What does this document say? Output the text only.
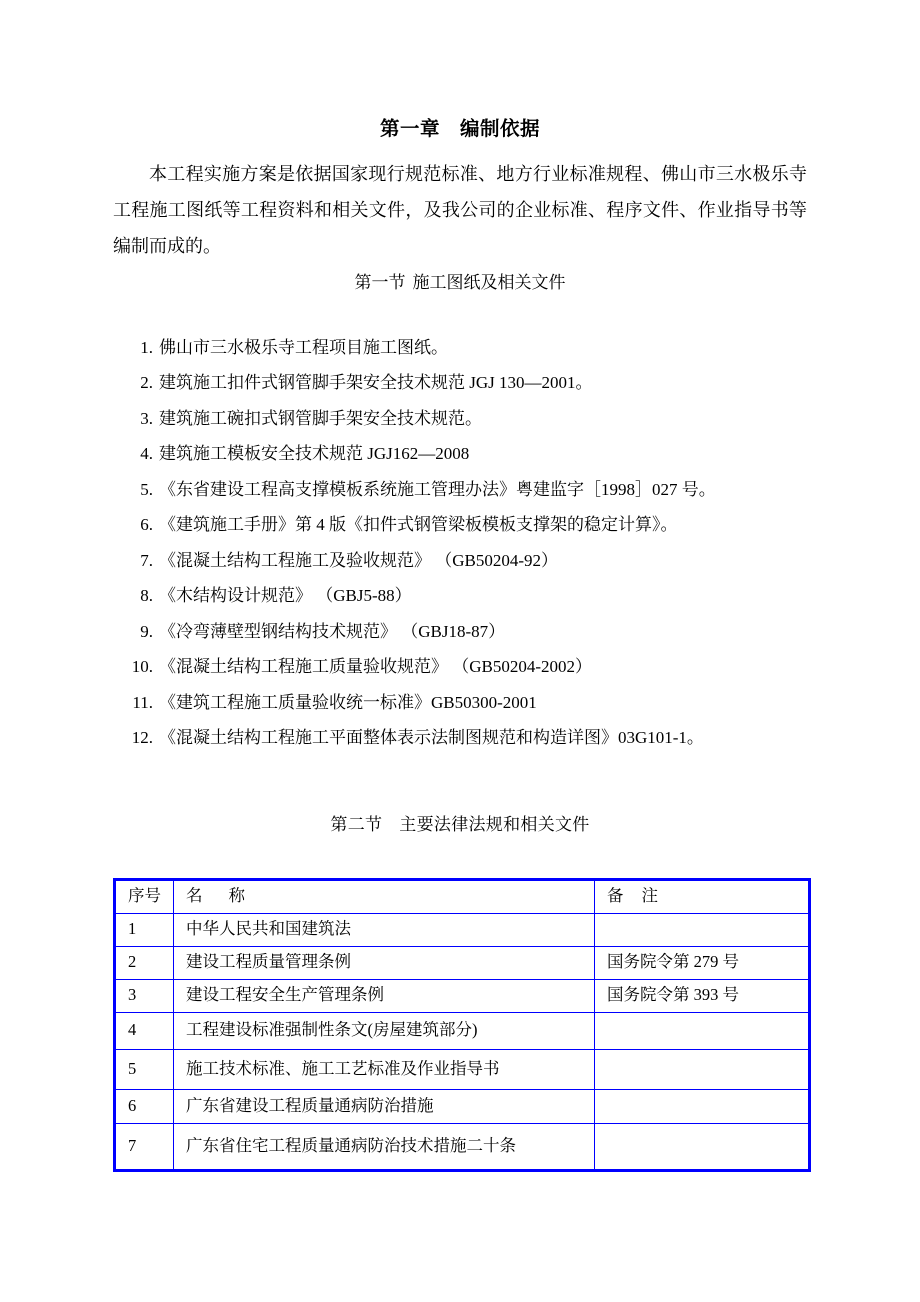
第一章 编制依据

本工程实施方案是依据国家现行规范标准、地方行业标准规程、佛山市三水极乐寺工程施工图纸等工程资料和相关文件，及我公司的企业标准、程序文件、作业指导书等编制而成的。

第一节 施工图纸及相关文件

1. 佛山市三水极乐寺工程项目施工图纸。
2. 建筑施工扣件式钢管脚手架安全技术规范 JGJ 130—2001。
3. 建筑施工碗扣式钢管脚手架安全技术规范。
4. 建筑施工模板安全技术规范 JGJ162—2008
5. 《东省建设工程高支撑模板系统施工管理办法》粤建监字［1998］027 号。
6. 《建筑施工手册》第 4 版《扣件式钢管梁板模板支撑架的稳定计算》。
7. 《混凝土结构工程施工及验收规范》 （GB50204-92）
8. 《木结构设计规范》 （GBJ5-88）
9. 《冷弯薄壁型钢结构技术规范》 （GBJ18-87）
10. 《混凝土结构工程施工质量验收规范》 （GB50204-2002）
11. 《建筑工程施工质量验收统一标准》GB50300-2001
12. 《混凝土结构工程施工平面整体表示法制图规范和构造详图》03G101-1。

第二节 主要法律法规和相关文件

序号	名 称	备 注
1	中华人民共和国建筑法	
2	建设工程质量管理条例	国务院令第 279 号
3	建设工程安全生产管理条例	国务院令第 393 号
4	工程建设标准强制性条文(房屋建筑部分)	
5	施工技术标准、施工工艺标准及作业指导书	
6	广东省建设工程质量通病防治措施	
7	广东省住宅工程质量通病防治技术措施二十条	
